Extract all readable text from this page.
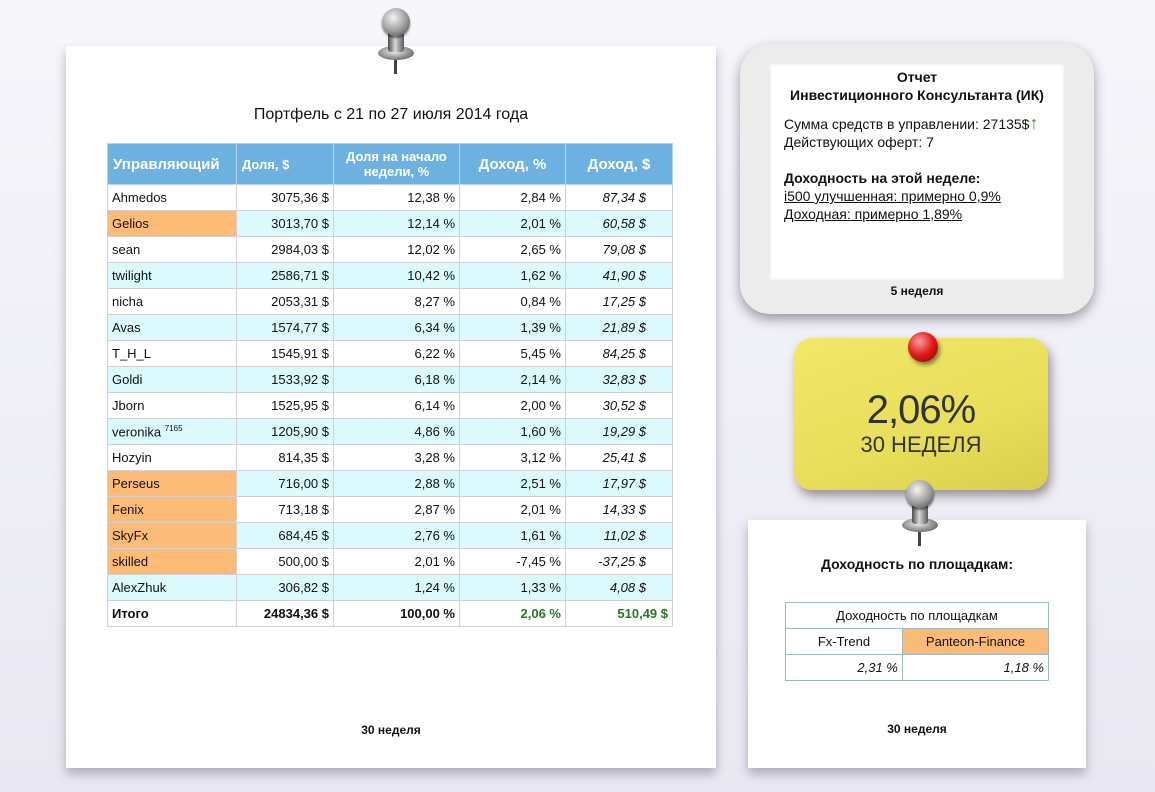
Портфель с 21 по 27 июля 2014 года
Управляющий	Доля, $	Доля на начало недели, %	Доход, %	Доход, $
Ahmedos	3075,36 $	12,38 %	2,84 %	87,34 $
Gelios	3013,70 $	12,14 %	2,01 %	60,58 $
sean	2984,03 $	12,02 %	2,65 %	79,08 $
twilight	2586,71 $	10,42 %	1,62 %	41,90 $
nicha	2053,31 $	8,27 %	0,84 %	17,25 $
Avas	1574,77 $	6,34 %	1,39 %	21,89 $
T_H_L	1545,91 $	6,22 %	5,45 %	84,25 $
Goldi	1533,92 $	6,18 %	2,14 %	32,83 $
Jborn	1525,95 $	6,14 %	2,00 %	30,52 $
veronika $^{7165}$	1205,90 $	4,86 %	1,60 %	19,29 $
Hozyin	814,35 $	3,28 %	3,12 %	25,41 $
Perseus	716,00 $	2,88 %	2,51 %	17,97 $
Fenix	713,18 $	2,87 %	2,01 %	14,33 $
SkyFx	684,45 $	2,76 %	1,61 %	11,02 $
skilled	500,00 $	2,01 %	-7,45 %	-37,25 $
AlexZhuk	306,82 $	1,24 %	1,33 %	4,08 $
Итого	24834,36 $	100,00 %	2,06 %	510,49 $
30 неделя
Отчет
Инвестиционного Консультанта (ИК)
Сумма средств в управлении: 27135$↑
Действующих оферт: 7
Доходность на этой неделе:
i500 улучшенная: примерно 0,9%
Доходная: примерно 1,89%
5 неделя
2,06%
30 НЕДЕЛЯ
Доходность по площадкам:
Доходность по площадкам	
Fx-Trend	Panteon-Finance
2,31 %	1,18 %
30 неделя
